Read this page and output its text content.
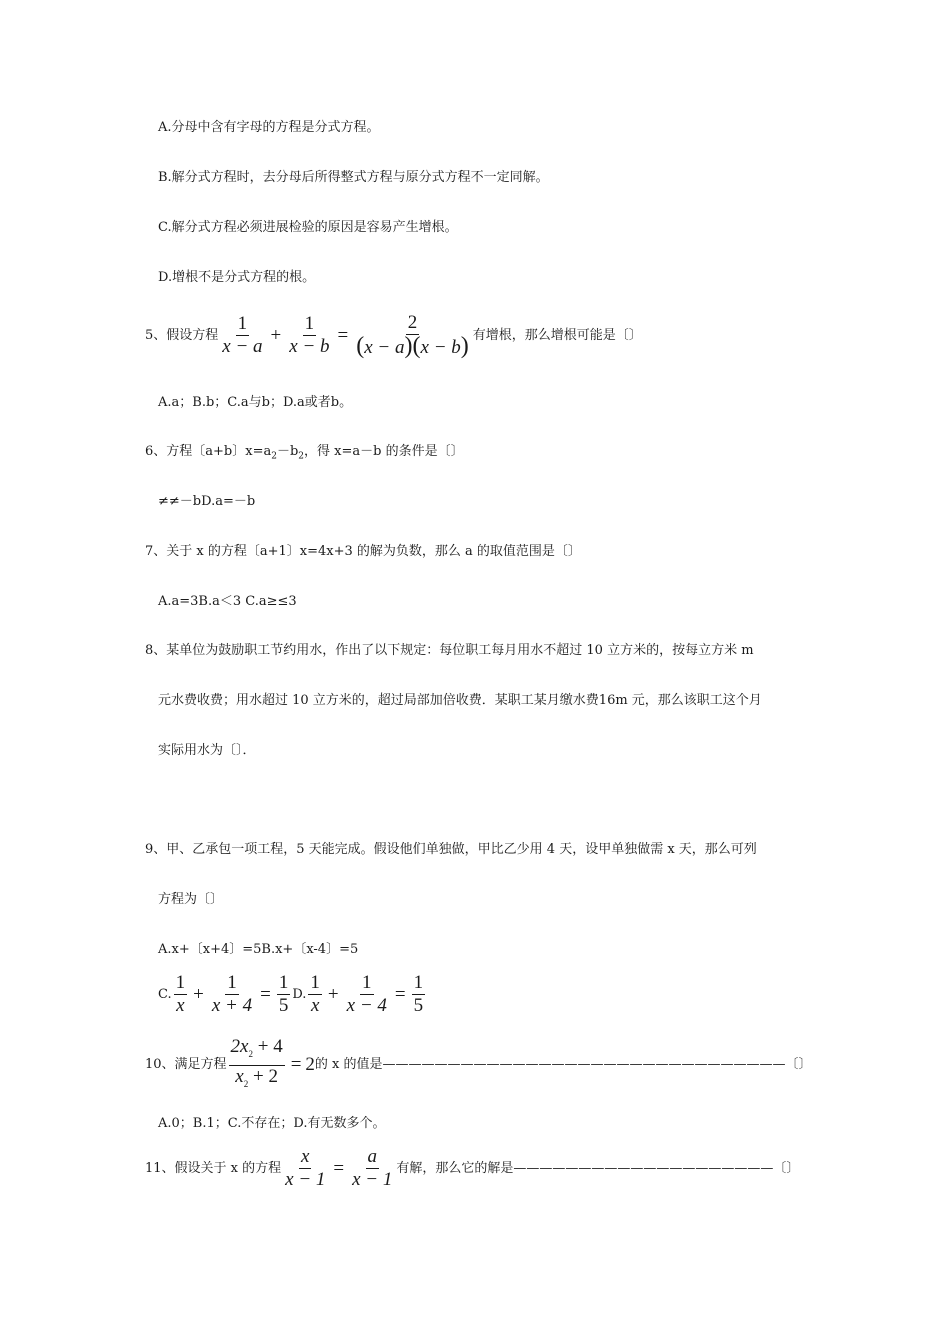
A.分母中含有字母的方程是分式方程。
B.解分式方程时，去分母后所得整式方程与原分式方程不一定同解。
C.解分式方程必须进展检验的原因是容易产生增根。
D.增根不是分式方程的根。
5、假设方程 $\frac{1}{x - a} + \frac{1}{x - b} = \frac{2}{(x - a)(x - b)}$ 有增根，那么增根可能是〔〕
A.a；B.b；C.a与b；D.a或者b。
6、方程〔a+b〕$x=a_2-b_2$，得 x=a－b 的条件是〔〕
≠≠－bD.a=－b
7、关于 x 的方程〔a+1〕x=4x+3 的解为负数，那么 a 的取值范围是〔〕
A.a=3B.a＜3 C.a≥≤3
8、某单位为鼓励职工节约用水，作出了以下规定：每位职工每月用水不超过 10 立方米的，按每立方米 m
元水费收费；用水超过 10 立方米的，超过局部加倍收费．某职工某月缴水费16m 元，那么该职工这个月
实际用水为〔〕．
9、甲、乙承包一项工程，5 天能完成。假设他们单独做，甲比乙少用 4 天，设甲单独做需 x 天，那么可列
方程为〔〕
A.x+〔x+4〕=5B.x+〔x-4〕=5
C. $\frac{1}{x} + \frac{1}{x + 4} = \frac{1}{5} D$. $\frac{1}{x} + \frac{1}{x - 4} = \frac{1}{5}$
10、满足方程 $\frac{2x_2 + 4}{x_2 + 2} = 2$ 的 x 的值是———————————————————————————————〔〕
A.0；B.1；C.不存在；D.有无数多个。
11、假设关于 x 的方程 $\frac{x}{x - 1} = \frac{a}{x - 1}$ 有解，那么它的解是————————————————————〔〕
